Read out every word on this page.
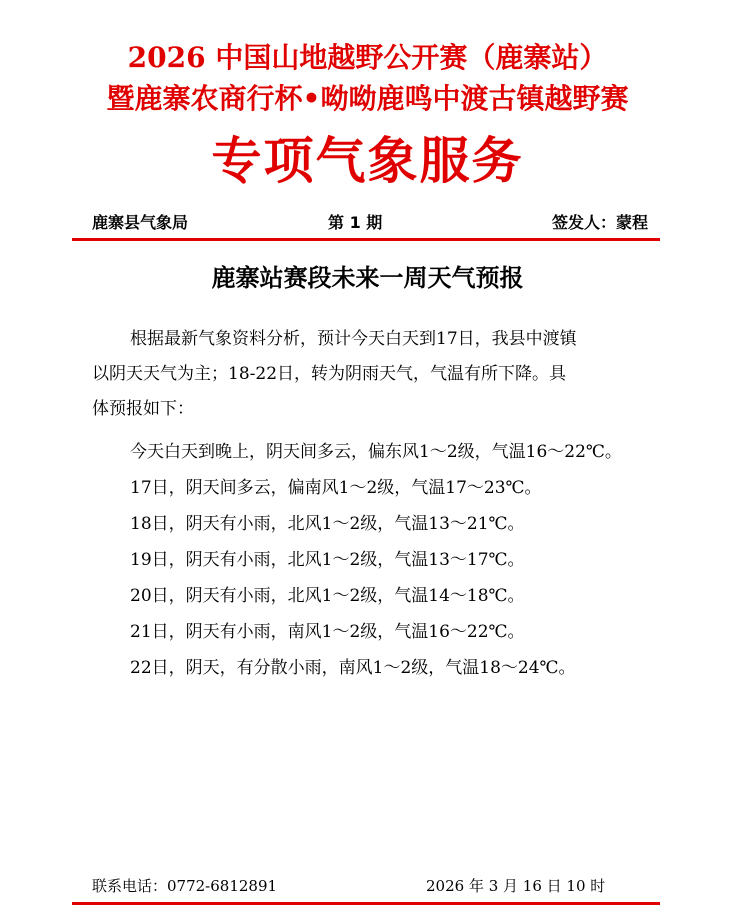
2026 中国山地越野公开赛（鹿寨站）
暨鹿寨农商行杯•呦呦鹿鸣中渡古镇越野赛
专项气象服务
鹿寨县气象局	第 1 期	签发人：蒙程
鹿寨站赛段未来一周天气预报
根据最新气象资料分析，预计今天白天到17日，我县中渡镇
以阴天天气为主；18-22日，转为阴雨天气，气温有所下降。具
体预报如下：
今天白天到晚上，阴天间多云，偏东风1～2级，气温16～22℃。
17日，阴天间多云，偏南风1～2级，气温17～23℃。
18日，阴天有小雨，北风1～2级，气温13～21℃。
19日，阴天有小雨，北风1～2级，气温13～17℃。
20日，阴天有小雨，北风1～2级，气温14～18℃。
21日，阴天有小雨，南风1～2级，气温16～22℃。
22日，阴天，有分散小雨，南风1～2级，气温18～24℃。
联系电话：0772-6812891	2026 年 3 月 16 日 10 时
